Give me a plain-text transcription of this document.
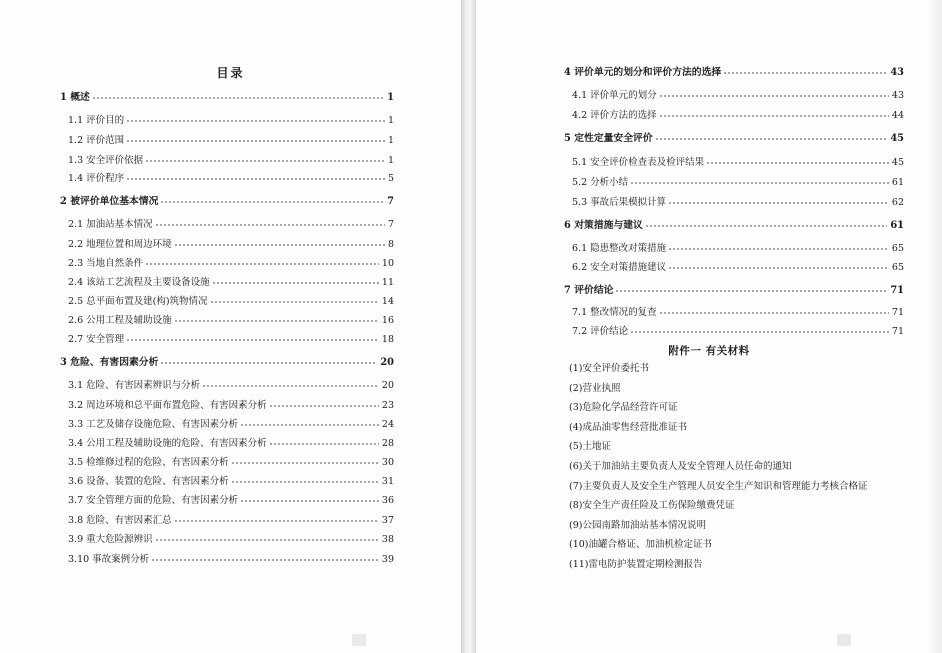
目录
1 概述	1
1.1 评价目的	1
1.2 评价范围	1
1.3 安全评价依据	1
1.4 评价程序	5
2 被评价单位基本情况	7
2.1 加油站基本情况	7
2.2 地理位置和周边环境	8
2.3 当地自然条件	10
2.4 该站工艺流程及主要设备设施	11
2.5 总平面布置及建(构)筑物情况	14
2.6 公用工程及辅助设施	16
2.7 安全管理	18
3 危险、有害因素分析	20
3.1 危险、有害因素辨识与分析	20
3.2 周边环境和总平面布置危险、有害因素分析	23
3.3 工艺及储存设施危险、有害因素分析	24
3.4 公用工程及辅助设施的危险、有害因素分析	28
3.5 检维修过程的危险、有害因素分析	30
3.6 设备、装置的危险、有害因素分析	31
3.7 安全管理方面的危险、有害因素分析	36
3.8 危险、有害因素汇总	37
3.9 重大危险源辨识	38
3.10 事故案例分析	39
4 评价单元的划分和评价方法的选择	43
4.1 评价单元的划分	43
4.2 评价方法的选择	44
5 定性定量安全评价	45
5.1 安全评价检查表及检评结果	45
5.2 分析小结	61
5.3 事故后果模拟计算	62
6 对策措施与建议	61
6.1 隐患整改对策措施	65
6.2 安全对策措施建议	65
7 评价结论	71
7.1 整改情况的复查	71
7.2 评价结论	71
附件一 有关材料
(1)安全评价委托书
(2)营业执照
(3)危险化学品经营许可证
(4)成品油零售经营批准证书
(5)土地证
(6)关于加油站主要负责人及安全管理人员任命的通知
(7)主要负责人及安全生产管理人员安全生产知识和管理能力考核合格证
(8)安全生产责任险及工伤保险缴费凭证
(9)公园南路加油站基本情况说明
(10)油罐合格证、加油机检定证书
(11)雷电防护装置定期检测报告
